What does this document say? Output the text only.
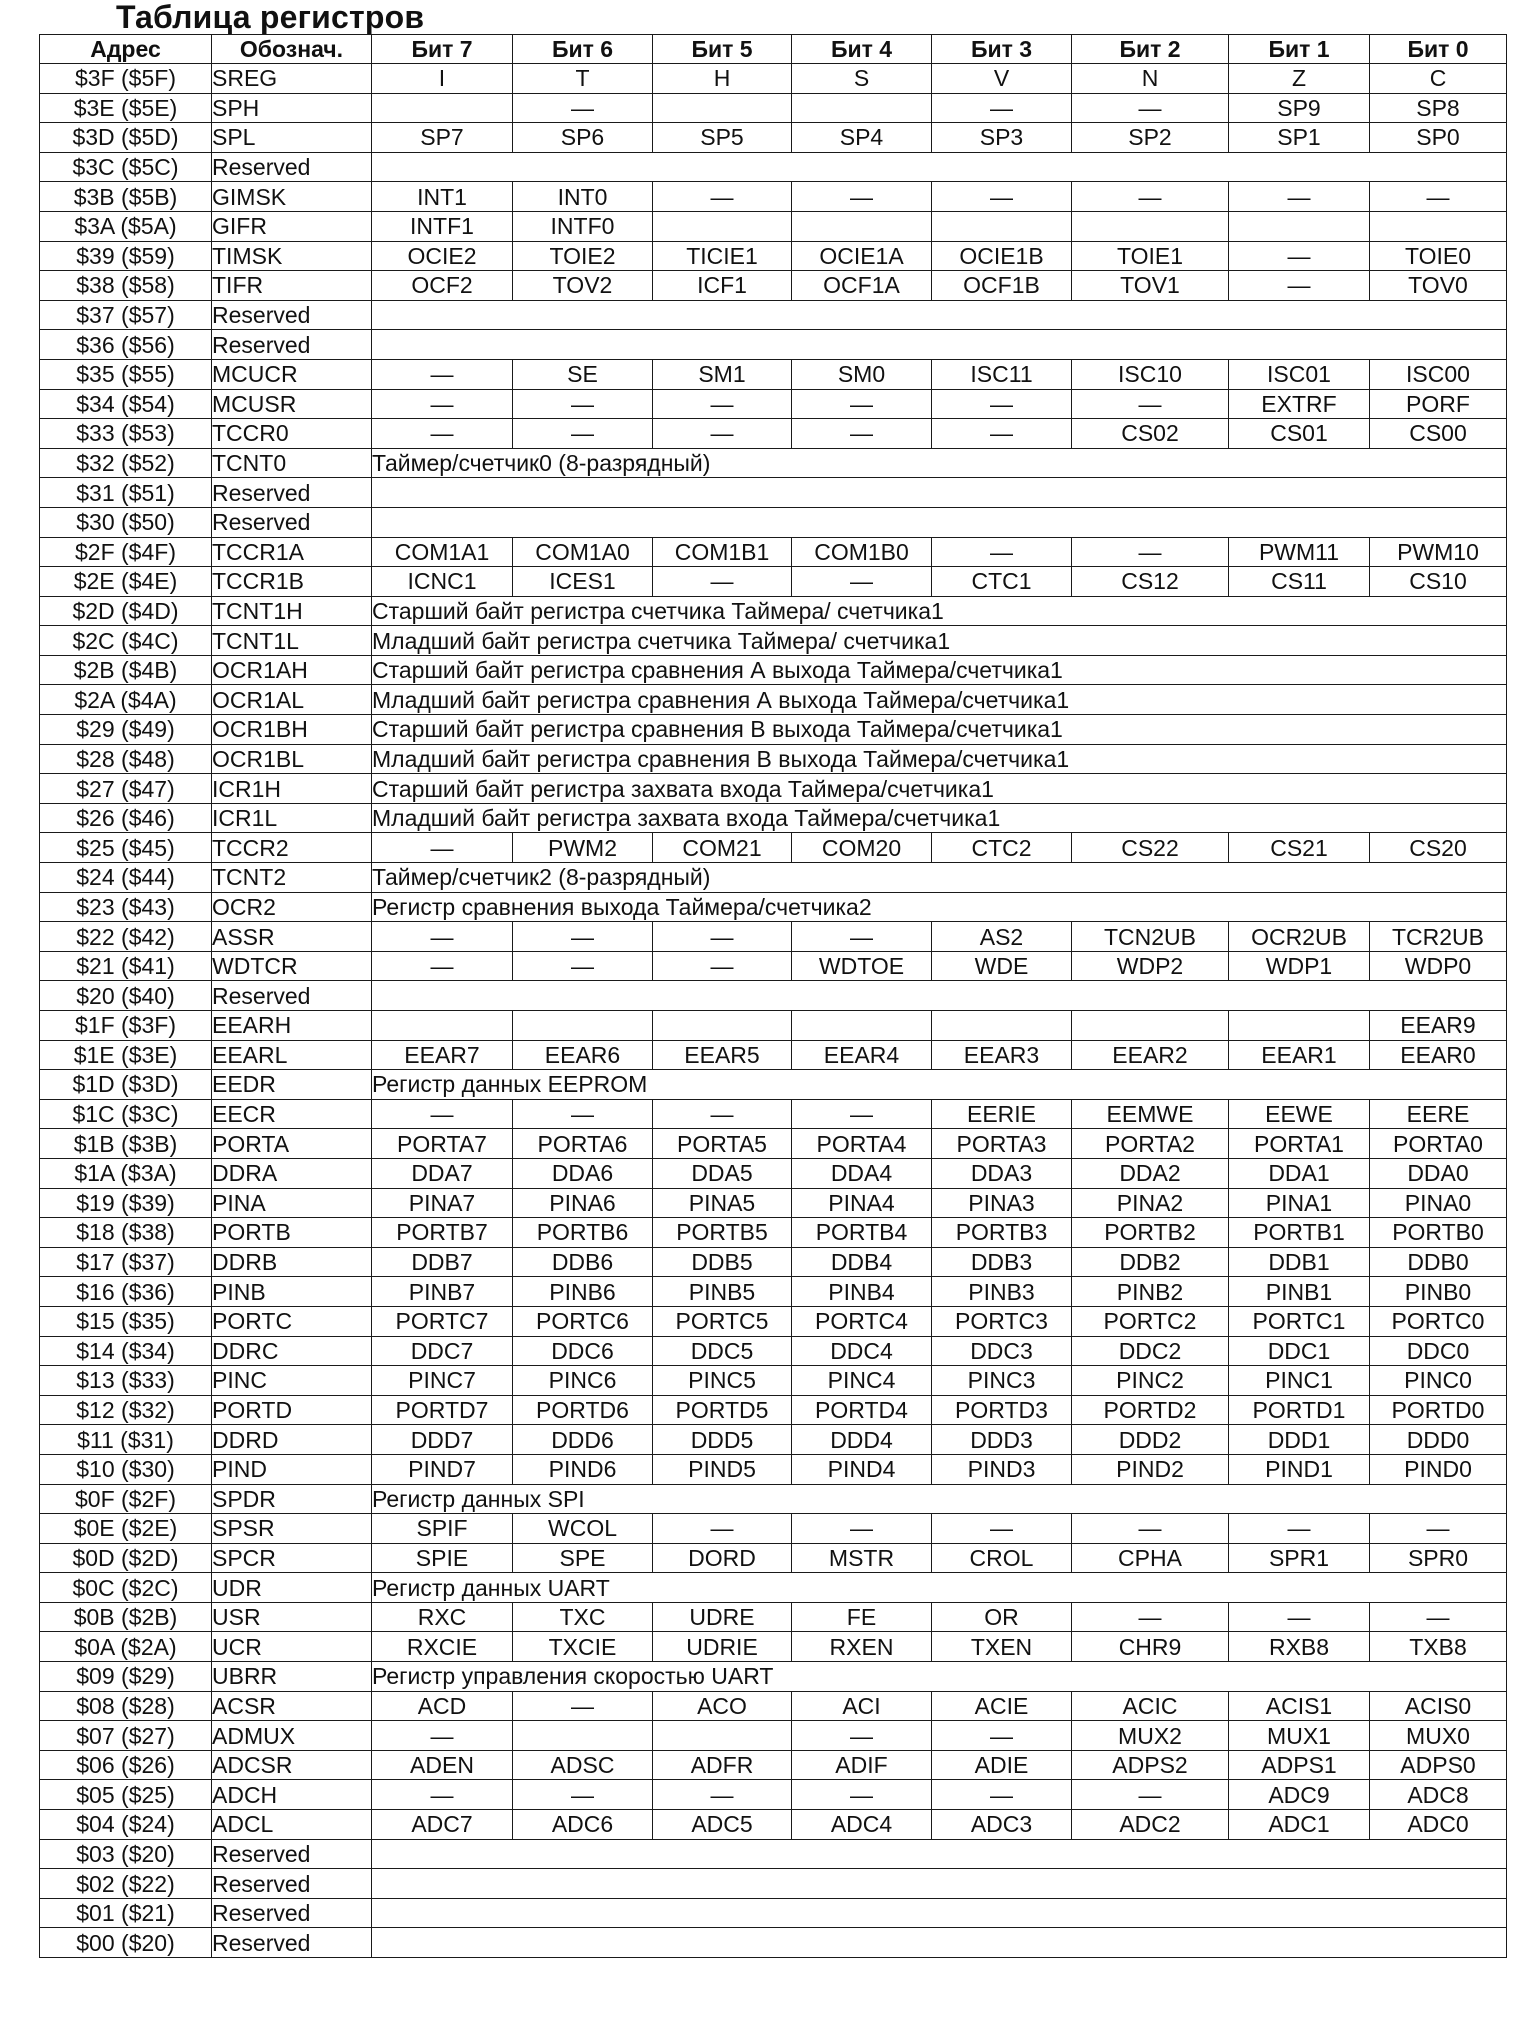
Таблица регистров
Адрес	Обознач.	Бит 7	Бит 6	Бит 5	Бит 4	Бит 3	Бит 2	Бит 1	Бит 0
$3F ($5F)	SREG	I	T	H	S	V	N	Z	C
$3E ($5E)	SPH		—			—	—	SP9	SP8
$3D ($5D)	SPL	SP7	SP6	SP5	SP4	SP3	SP2	SP1	SP0
$3C ($5C)	Reserved								
$3B ($5B)	GIMSK	INT1	INT0	—	—	—	—	—	—
$3A ($5A)	GIFR	INTF1	INTF0						
$39 ($59)	TIMSK	OCIE2	TOIE2	TICIE1	OCIE1A	OCIE1B	TOIE1	—	TOIE0
$38 ($58)	TIFR	OCF2	TOV2	ICF1	OCF1A	OCF1B	TOV1	—	TOV0
$37 ($57)	Reserved								
$36 ($56)	Reserved								
$35 ($55)	MCUCR	—	SE	SM1	SM0	ISC11	ISC10	ISC01	ISC00
$34 ($54)	MCUSR	—	—	—	—	—	—	EXTRF	PORF
$33 ($53)	TCCR0	—	—	—	—	—	CS02	CS01	CS00
$32 ($52)	TCNT0	Таймер/счетчик0 (8-разрядный)							
$31 ($51)	Reserved								
$30 ($50)	Reserved								
$2F ($4F)	TCCR1A	COM1A1	COM1A0	COM1B1	COM1B0	—	—	PWM11	PWM10
$2E ($4E)	TCCR1B	ICNC1	ICES1	—	—	CTC1	CS12	CS11	CS10
$2D ($4D)	TCNT1H	Старший байт регистра счетчика Таймера/ счетчика1							
$2C ($4C)	TCNT1L	Младший байт регистра счетчика Таймера/ счетчика1							
$2B ($4B)	OCR1AH	Старший байт регистра сравнения А выхода Таймера/счетчика1							
$2A ($4A)	OCR1AL	Младший байт регистра сравнения А выхода Таймера/счетчика1							
$29 ($49)	OCR1BH	Старший байт регистра сравнения В выхода Таймера/счетчика1							
$28 ($48)	OCR1BL	Младший байт регистра сравнения В выхода Таймера/счетчика1							
$27 ($47)	ICR1H	Старший байт регистра захвата входа Таймера/счетчика1							
$26 ($46)	ICR1L	Младший байт регистра захвата входа Таймера/счетчика1							
$25 ($45)	TCCR2	—	PWM2	COM21	COM20	CTC2	CS22	CS21	CS20
$24 ($44)	TCNT2	Таймер/счетчик2 (8-разрядный)							
$23 ($43)	OCR2	Регистр сравнения выхода Таймера/счетчика2							
$22 ($42)	ASSR	—	—	—	—	AS2	TCN2UB	OCR2UB	TCR2UB
$21 ($41)	WDTCR	—	—	—	WDTOE	WDE	WDP2	WDP1	WDP0
$20 ($40)	Reserved								
$1F ($3F)	EEARH								EEAR9
$1E ($3E)	EEARL	EEAR7	EEAR6	EEAR5	EEAR4	EEAR3	EEAR2	EEAR1	EEAR0
$1D ($3D)	EEDR	Регистр данных EEPROM							
$1C ($3C)	EECR	—	—	—	—	EERIE	EEMWE	EEWE	EERE
$1B ($3B)	PORTA	PORTA7	PORTA6	PORTA5	PORTA4	PORTA3	PORTA2	PORTA1	PORTA0
$1A ($3A)	DDRA	DDA7	DDA6	DDA5	DDA4	DDA3	DDA2	DDA1	DDA0
$19 ($39)	PINA	PINA7	PINA6	PINA5	PINA4	PINA3	PINA2	PINA1	PINA0
$18 ($38)	PORTB	PORTB7	PORTB6	PORTB5	PORTB4	PORTB3	PORTB2	PORTB1	PORTB0
$17 ($37)	DDRB	DDB7	DDB6	DDB5	DDB4	DDB3	DDB2	DDB1	DDB0
$16 ($36)	PINB	PINB7	PINB6	PINB5	PINB4	PINB3	PINB2	PINB1	PINB0
$15 ($35)	PORTC	PORTC7	PORTC6	PORTC5	PORTC4	PORTC3	PORTC2	PORTC1	PORTC0
$14 ($34)	DDRC	DDC7	DDC6	DDC5	DDC4	DDC3	DDC2	DDC1	DDC0
$13 ($33)	PINC	PINC7	PINC6	PINC5	PINC4	PINC3	PINC2	PINC1	PINC0
$12 ($32)	PORTD	PORTD7	PORTD6	PORTD5	PORTD4	PORTD3	PORTD2	PORTD1	PORTD0
$11 ($31)	DDRD	DDD7	DDD6	DDD5	DDD4	DDD3	DDD2	DDD1	DDD0
$10 ($30)	PIND	PIND7	PIND6	PIND5	PIND4	PIND3	PIND2	PIND1	PIND0
$0F ($2F)	SPDR	Регистр данных SPI							
$0E ($2E)	SPSR	SPIF	WCOL	—	—	—	—	—	—
$0D ($2D)	SPCR	SPIE	SPE	DORD	MSTR	CROL	CPHA	SPR1	SPR0
$0C ($2C)	UDR	Регистр данных UART							
$0B ($2B)	USR	RXC	TXC	UDRE	FE	OR	—	—	—
$0A ($2A)	UCR	RXCIE	TXCIE	UDRIE	RXEN	TXEN	CHR9	RXB8	TXB8
$09 ($29)	UBRR	Регистр управления скоростью UART							
$08 ($28)	ACSR	ACD	—	ACO	ACI	ACIE	ACIC	ACIS1	ACIS0
$07 ($27)	ADMUX	—			—	—	MUX2	MUX1	MUX0
$06 ($26)	ADCSR	ADEN	ADSC	ADFR	ADIF	ADIE	ADPS2	ADPS1	ADPS0
$05 ($25)	ADCH	—	—	—	—	—	—	ADC9	ADC8
$04 ($24)	ADCL	ADC7	ADC6	ADC5	ADC4	ADC3	ADC2	ADC1	ADC0
$03 ($20)	Reserved								
$02 ($22)	Reserved								
$01 ($21)	Reserved								
$00 ($20)	Reserved								
